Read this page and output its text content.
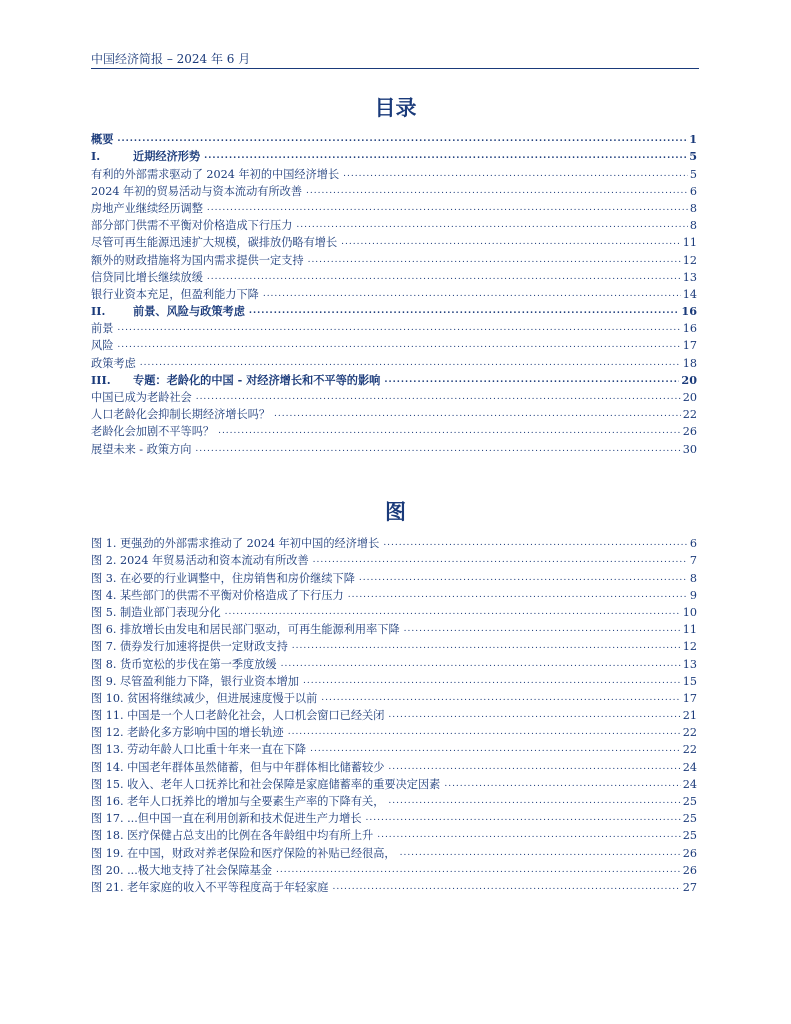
中国经济简报 – 2024 年 6 月
目录
概要 .....	1
I.	近期经济形势 .....	5
有利的外部需求驱动了 2024 年初的中国经济增长 .....	5
2024 年初的贸易活动与资本流动有所改善 .....	6
房地产业继续经历调整 .....	8
部分部门供需不平衡对价格造成下行压力 .....	8
尽管可再生能源迅速扩大规模，碳排放仍略有增长 .....	11
额外的财政措施将为国内需求提供一定支持 .....	12
信贷同比增长继续放缓 .....	13
银行业资本充足，但盈利能力下降 .....	14
II.	前景、风险与政策考虑 .....	16
前景 .....	16
风险 .....	17
政策考虑 .....	18
III.	专题：老龄化的中国 - 对经济增长和不平等的影响 .....	20
中国已成为老龄社会 .....	20
人口老龄化会抑制长期经济增长吗？ .....	22
老龄化会加剧不平等吗？ .....	26
展望未来 - 政策方向 .....	30
图
图 1. 更强劲的外部需求推动了 2024 年初中国的经济增长 .....	6
图 2. 2024 年贸易活动和资本流动有所改善 .....	7
图 3. 在必要的行业调整中，住房销售和房价继续下降 .....	8
图 4. 某些部门的供需不平衡对价格造成了下行压力 .....	9
图 5. 制造业部门表现分化 .....	10
图 6. 排放增长由发电和居民部门驱动，可再生能源利用率下降 .....	11
图 7. 债券发行加速将提供一定财政支持 .....	12
图 8. 货币宽松的步伐在第一季度放缓 .....	13
图 9. 尽管盈利能力下降，银行业资本增加 .....	15
图 10. 贫困将继续减少，但进展速度慢于以前 .....	17
图 11. 中国是一个人口老龄化社会，人口机会窗口已经关闭 .....	21
图 12. 老龄化多方影响中国的增长轨迹 .....	22
图 13. 劳动年龄人口比重十年来一直在下降 .....	22
图 14. 中国老年群体虽然储蓄，但与中年群体相比储蓄较少 .....	24
图 15. 收入、老年人口抚养比和社会保障是家庭储蓄率的重要决定因素 .....	24
图 16. 老年人口抚养比的增加与全要素生产率的下降有关， .....	25
图 17. ...但中国一直在利用创新和技术促进生产力增长 .....	25
图 18. 医疗保健占总支出的比例在各年龄组中均有所上升 .....	25
图 19. 在中国，财政对养老保险和医疗保险的补贴已经很高， .....	26
图 20. ...极大地支持了社会保障基金 .....	26
图 21. 老年家庭的收入不平等程度高于年轻家庭 .....	27
